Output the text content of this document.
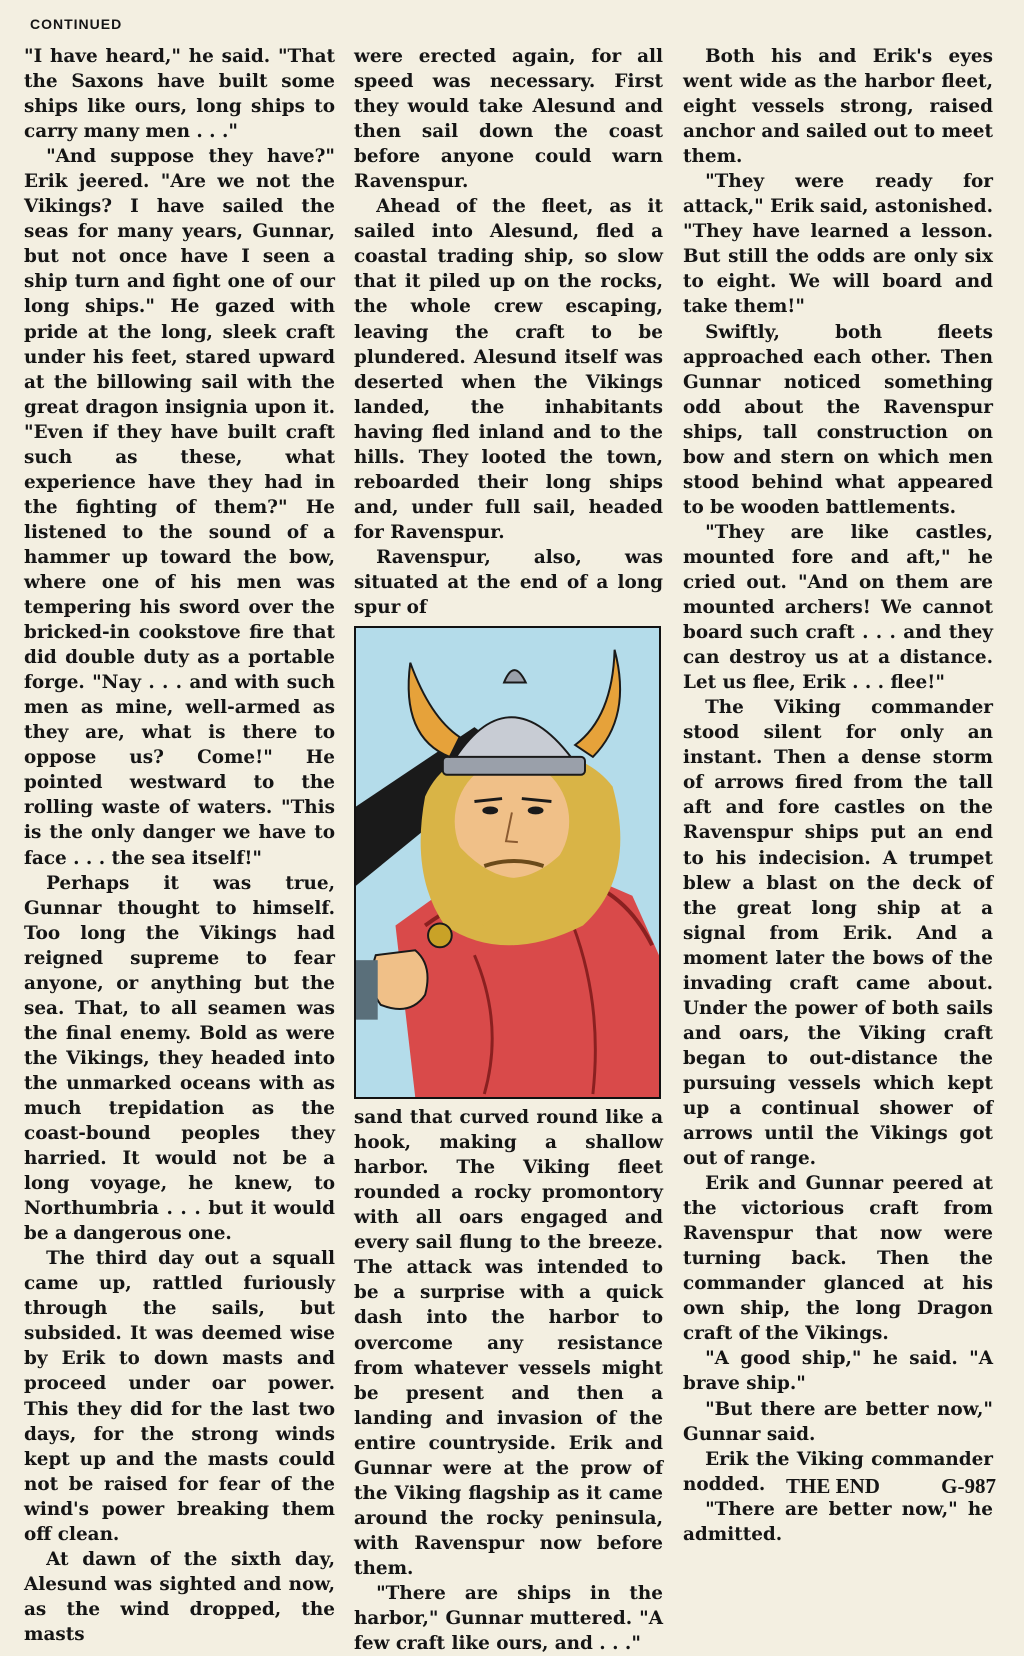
CONTINUED

"I have heard," he said. "That the Saxons have built some ships like ours, long ships to carry many men . . ."

"And suppose they have?" Erik jeered. "Are we not the Vikings? I have sailed the seas for many years, Gunnar, but not once have I seen a ship turn and fight one of our long ships." He gazed with pride at the long, sleek craft under his feet, stared upward at the billowing sail with the great dragon insignia upon it. "Even if they have built craft such as these, what experience have they had in the fighting of them?" He listened to the sound of a hammer up toward the bow, where one of his men was tempering his sword over the bricked-in cookstove fire that did double duty as a portable forge. "Nay . . . and with such men as mine, well-armed as they are, what is there to oppose us? Come!" He pointed westward to the rolling waste of waters. "This is the only danger we have to face . . . the sea itself!"

Perhaps it was true, Gunnar thought to himself. Too long the Vikings had reigned supreme to fear anyone, or anything but the sea. That, to all seamen was the final enemy. Bold as were the Vikings, they headed into the unmarked oceans with as much trepidation as the coast-bound peoples they harried. It would not be a long voyage, he knew, to Northumbria . . . but it would be a dangerous one.

The third day out a squall came up, rattled furiously through the sails, but subsided. It was deemed wise by Erik to down masts and proceed under oar power. This they did for the last two days, for the strong winds kept up and the masts could not be raised for fear of the wind's power breaking them off clean.

At dawn of the sixth day, Alesund was sighted and now, as the wind dropped, the masts

were erected again, for all speed was necessary. First they would take Alesund and then sail down the coast before anyone could warn Ravenspur.

Ahead of the fleet, as it sailed into Alesund, fled a coastal trading ship, so slow that it piled up on the rocks, the whole crew escaping, leaving the craft to be plundered. Alesund itself was deserted when the Vikings landed, the inhabitants having fled inland and to the hills. They looted the town, reboarded their long ships and, under full sail, headed for Ravenspur.

Ravenspur, also, was situated at the end of a long spur of

sand that curved round like a hook, making a shallow harbor. The Viking fleet rounded a rocky promontory with all oars engaged and every sail flung to the breeze. The attack was intended to be a surprise with a quick dash into the harbor to overcome any resistance from whatever vessels might be present and then a landing and invasion of the entire countryside. Erik and Gunnar were at the prow of the Viking flagship as it came around the rocky peninsula, with Ravenspur now before them.

"There are ships in the harbor," Gunnar muttered. "A few craft like ours, and . . ."

Both his and Erik's eyes went wide as the harbor fleet, eight vessels strong, raised anchor and sailed out to meet them.

"They were ready for attack," Erik said, astonished. "They have learned a lesson. But still the odds are only six to eight. We will board and take them!"

Swiftly, both fleets approached each other. Then Gunnar noticed something odd about the Ravenspur ships, tall construction on bow and stern on which men stood behind what appeared to be wooden battlements.

"They are like castles, mounted fore and aft," he cried out. "And on them are mounted archers! We cannot board such craft . . . and they can destroy us at a distance. Let us flee, Erik . . . flee!"

The Viking commander stood silent for only an instant. Then a dense storm of arrows fired from the tall aft and fore castles on the Ravenspur ships put an end to his indecision. A trumpet blew a blast on the deck of the great long ship at a signal from Erik. And a moment later the bows of the invading craft came about. Under the power of both sails and oars, the Viking craft began to out-distance the pursuing vessels which kept up a continual shower of arrows until the Vikings got out of range.

Erik and Gunnar peered at the victorious craft from Ravenspur that now were turning back. Then the commander glanced at his own ship, the long Dragon craft of the Vikings.

"A good ship," he said. "A brave ship."

"But there are better now," Gunnar said.

Erik the Viking commander nodded.

"There are better now," he admitted.

THE END	G-987
